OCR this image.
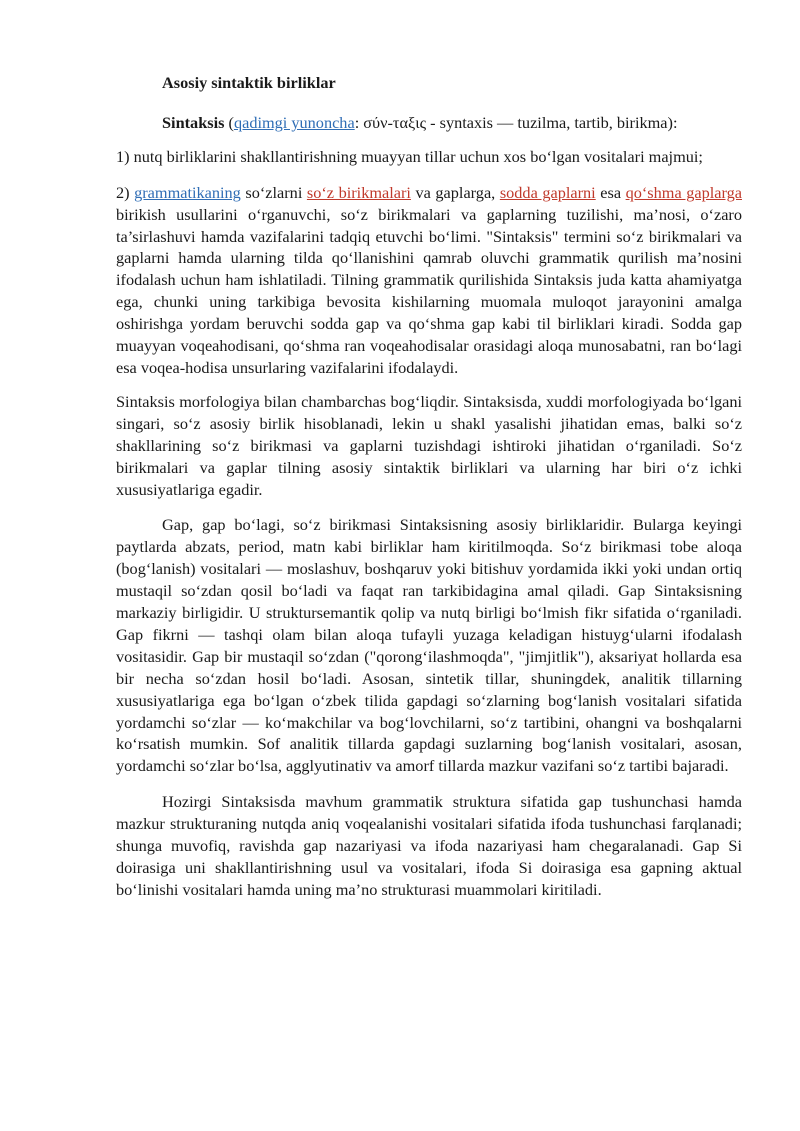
Asosiy sintaktik birliklar

Sintaksis (qadimgi yunoncha: σύν-ταξις - syntaxis — tuzilma, tartib, birikma):

1) nutq birliklarini shakllantirishning muayyan tillar uchun xos bo‘lgan vositalari majmui;

2) grammatikaning so‘zlarni so‘z birikmalari va gaplarga, sodda gaplarni esa qo‘shma gaplarga birikish usullarini o‘rganuvchi, so‘z birikmalari va gaplarning tuzilishi, ma’nosi, o‘zaro ta’sirlashuvi hamda vazifalarini tadqiq etuvchi bo‘limi. "Sintaksis" termini so‘z birikmalari va gaplarni hamda ularning tilda qo‘llanishini qamrab oluvchi grammatik qurilish ma’nosini ifodalash uchun ham ishlatiladi. Tilning grammatik qurilishida Sintaksis juda katta ahamiyatga ega, chunki uning tarkibiga bevosita kishilarning muomala muloqot jarayonini amalga oshirishga yordam beruvchi sodda gap va qo‘shma gap kabi til birliklari kiradi. Sodda gap muayyan voqeahodisani, qo‘shma ran voqeahodisalar orasidagi aloqa munosabatni, ran bo‘lagi esa voqea-hodisa unsurlaring vazifalarini ifodalaydi.

Sintaksis morfologiya bilan chambarchas bog‘liqdir. Sintaksisda, xuddi morfologiyada bo‘lgani singari, so‘z asosiy birlik hisoblanadi, lekin u shakl yasalishi jihatidan emas, balki so‘z shakllarining so‘z birikmasi va gaplarni tuzishdagi ishtiroki jihatidan o‘rganiladi. So‘z birikmalari va gaplar tilning asosiy sintaktik birliklari va ularning har biri o‘z ichki xususiyatlariga egadir.

Gap, gap bo‘lagi, so‘z birikmasi Sintaksisning asosiy birliklaridir. Bularga keyingi paytlarda abzats, period, matn kabi birliklar ham kiritilmoqda. So‘z birikmasi tobe aloqa (bog‘lanish) vositalari — moslashuv, boshqaruv yoki bitishuv yordamida ikki yoki undan ortiq mustaqil so‘zdan qosil bo‘ladi va faqat ran tarkibidagina amal qiladi. Gap Sintaksisning markaziy birligidir. U struktursemantik qolip va nutq birligi bo‘lmish fikr sifatida o‘rganiladi. Gap fikrni — tashqi olam bilan aloqa tufayli yuzaga keladigan histuyg‘ularni ifodalash vositasidir. Gap bir mustaqil so‘zdan ("qorong‘ilashmoqda", "jimjitlik"), aksariyat hollarda esa bir necha so‘zdan hosil bo‘ladi. Asosan, sintetik tillar, shuningdek, analitik tillarning xususiyatlariga ega bo‘lgan o‘zbek tilida gapdagi so‘zlarning bog‘lanish vositalari sifatida yordamchi so‘zlar — ko‘makchilar va bog‘lovchilarni, so‘z tartibini, ohangni va boshqalarni ko‘rsatish mumkin. Sof analitik tillarda gapdagi suzlarning bog‘lanish vositalari, asosan, yordamchi so‘zlar bo‘lsa, agglyutinativ va amorf tillarda mazkur vazifani so‘z tartibi bajaradi.

Hozirgi Sintaksisda mavhum grammatik struktura sifatida gap tushunchasi hamda mazkur strukturaning nutqda aniq voqealanishi vositalari sifatida ifoda tushunchasi farqlanadi; shunga muvofiq, ravishda gap nazariyasi va ifoda nazariyasi ham chegaralanadi. Gap Si doirasiga uni shakllantirishning usul va vositalari, ifoda Si doirasiga esa gapning aktual bo‘linishi vositalari hamda uning ma’no strukturasi muammolari kiritiladi.
